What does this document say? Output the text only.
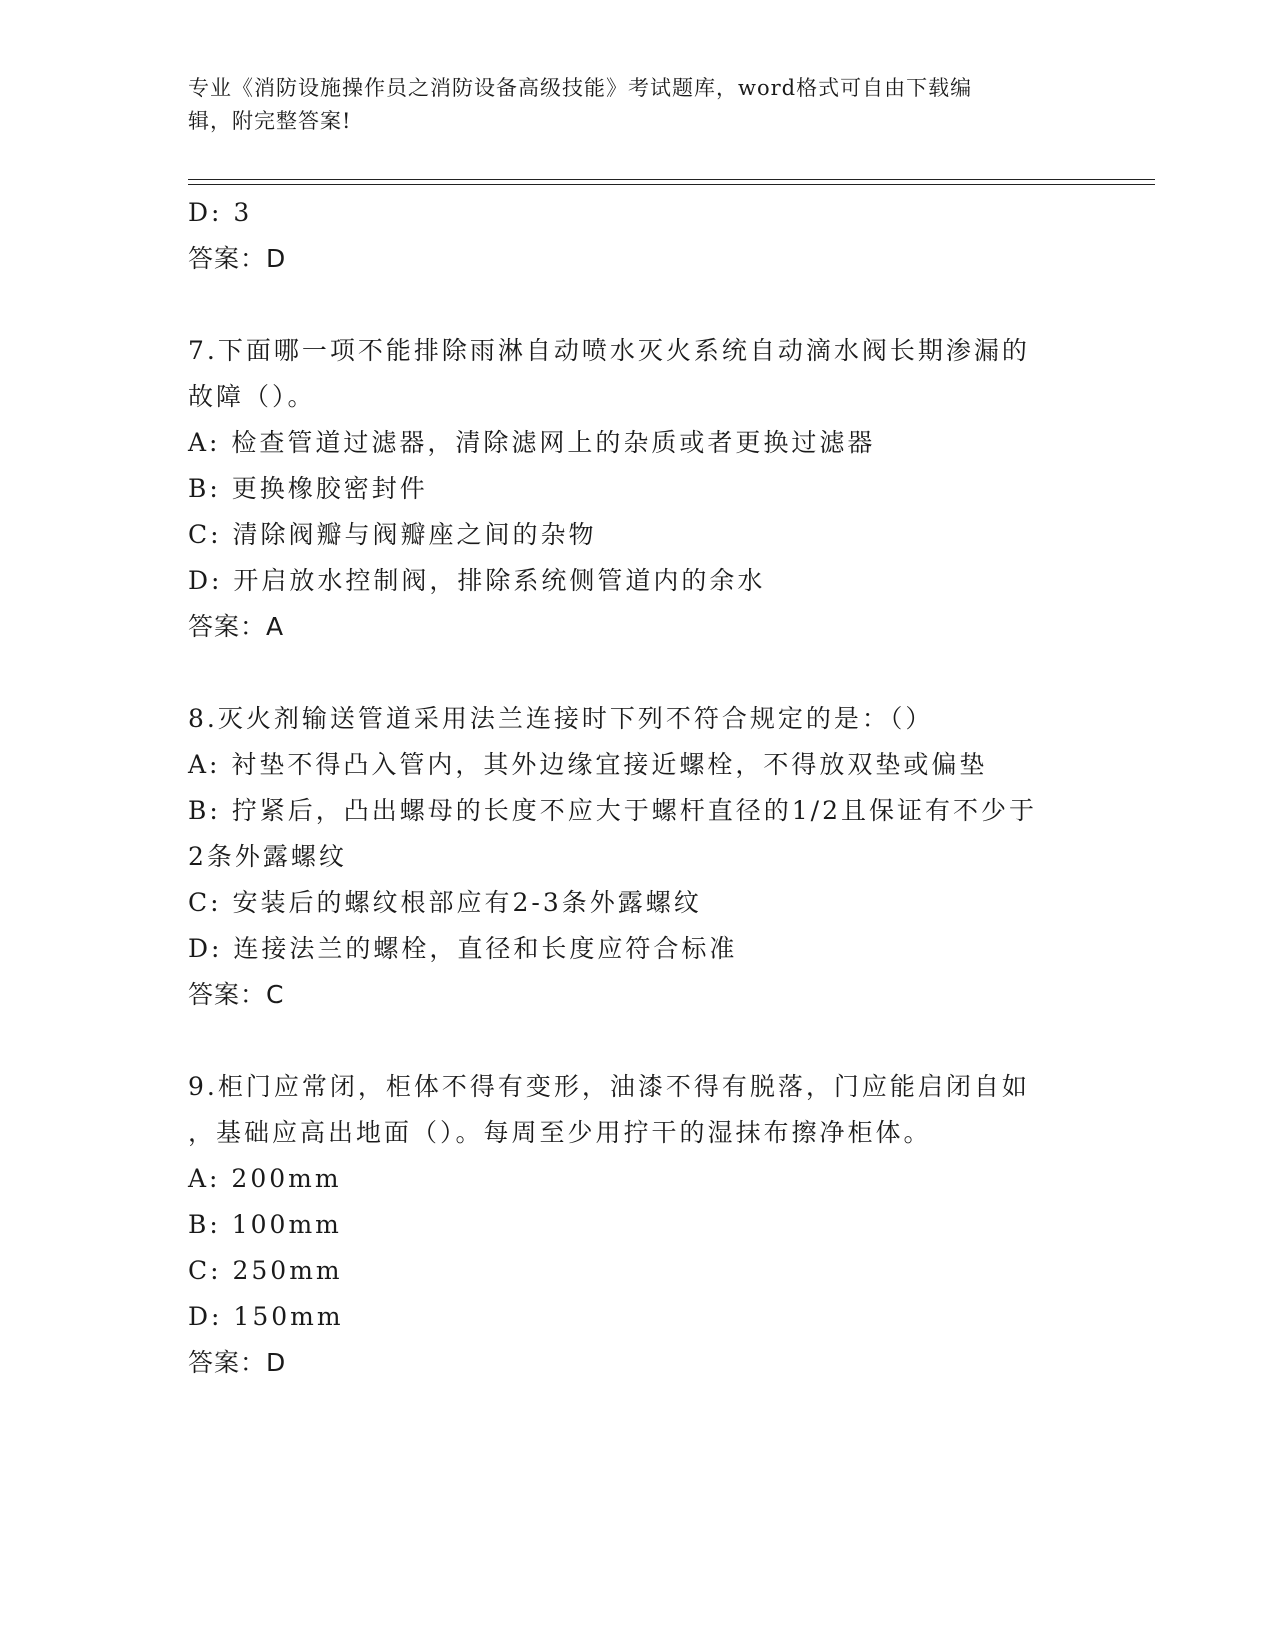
专业《消防设施操作员之消防设备高级技能》考试题库，word格式可自由下载编
辑，附完整答案!
D: 3
答案：D
7.下面哪一项不能排除雨淋自动喷水灭火系统自动滴水阀长期渗漏的
故障（）。
A: 检查管道过滤器，清除滤网上的杂质或者更换过滤器
B: 更换橡胶密封件
C: 清除阀瓣与阀瓣座之间的杂物
D: 开启放水控制阀，排除系统侧管道内的余水
答案：A
8.灭火剂输送管道采用法兰连接时下列不符合规定的是：（）
A: 衬垫不得凸入管内，其外边缘宜接近螺栓，不得放双垫或偏垫
B: 拧紧后，凸出螺母的长度不应大于螺杆直径的1/2且保证有不少于
2条外露螺纹
C: 安装后的螺纹根部应有2-3条外露螺纹
D: 连接法兰的螺栓，直径和长度应符合标准
答案：C
9.柜门应常闭，柜体不得有变形，油漆不得有脱落，门应能启闭自如
，基础应高出地面（）。每周至少用拧干的湿抹布擦净柜体。
A: 200mm
B: 100mm
C: 250mm
D: 150mm
答案：D
